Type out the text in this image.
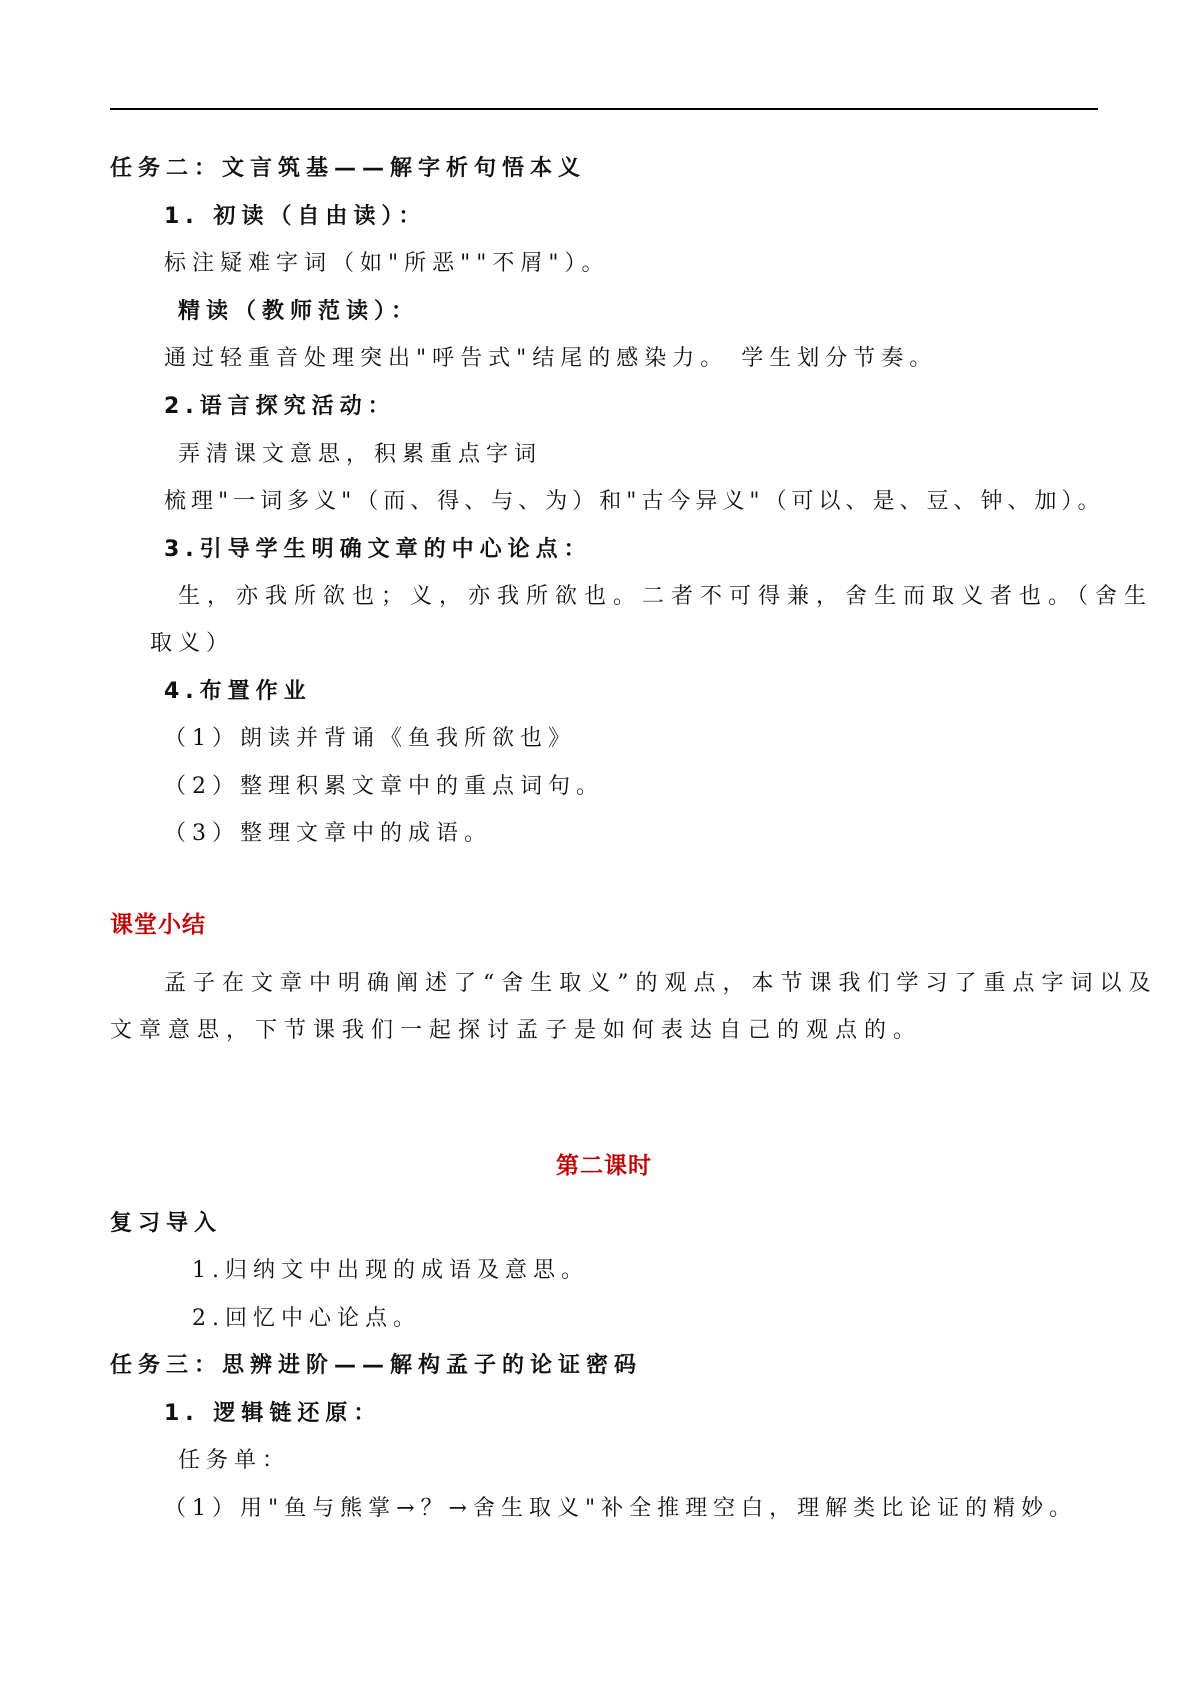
任务二：文言筑基——解字析句悟本义
1. 初读（自由读）：
标注疑难字词（如"所恶""不屑"）。
精读（教师范读）：
通过轻重音处理突出"呼告式"结尾的感染力。 学生划分节奏。
2.语言探究活动：
弄清课文意思，积累重点字词
梳理"一词多义"（而、得、与、为）和"古今异义"（可以、是、豆、钟、加）。
3.引导学生明确文章的中心论点：
生，亦我所欲也；义，亦我所欲也。二者不可得兼，舍生而取义者也。（舍生
取义）
4.布置作业
（1）朗读并背诵《鱼我所欲也》
（2）整理积累文章中的重点词句。
（3）整理文章中的成语。
课堂小结
孟子在文章中明确阐述了“舍生取义”的观点，本节课我们学习了重点字词以及
文章意思，下节课我们一起探讨孟子是如何表达自己的观点的。
第二课时
复习导入
1.归纳文中出现的成语及意思。
2.回忆中心论点。
任务三：思辨进阶——解构孟子的论证密码
1. 逻辑链还原：
任务单：
（1）用"鱼与熊掌→？→舍生取义"补全推理空白，理解类比论证的精妙。
